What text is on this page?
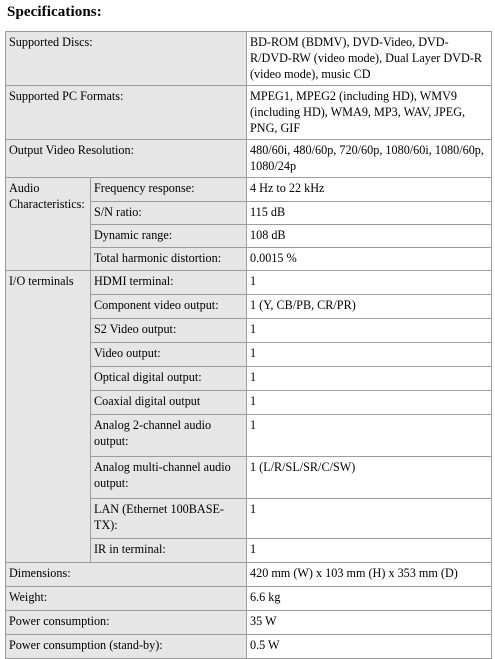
Specifications:
Supported Discs:		BD-ROM (BDMV), DVD-Video, DVD-R/DVD-RW (video mode), Dual Layer DVD-R (video mode), music CD
Supported PC Formats:		MPEG1, MPEG2 (including HD), WMV9 (including HD), WMA9, MP3, WAV, JPEG, PNG, GIF
Output Video Resolution:		480/60i, 480/60p, 720/60p, 1080/60i, 1080/60p, 1080/24p
Audio Characteristics:	Frequency response:	4 Hz to 22 kHz
	S/N ratio:	115 dB
	Dynamic range:	108 dB
	Total harmonic distortion:	0.0015 %
I/O terminals	HDMI terminal:	1
	Component video output:	1 (Y, CB/PB, CR/PR)
	S2 Video output:	1
	Video output:	1
	Optical digital output:	1
	Coaxial digital output	1
	Analog 2-channel audio output:	1
	Analog multi-channel audio output:	1 (L/R/SL/SR/C/SW)
	LAN (Ethernet 100BASE-TX):	1
	IR in terminal:	1
Dimensions:		420 mm (W) x 103 mm (H) x 353 mm (D)
Weight:		6.6 kg
Power consumption:		35 W
Power consumption (stand-by):		0.5 W
